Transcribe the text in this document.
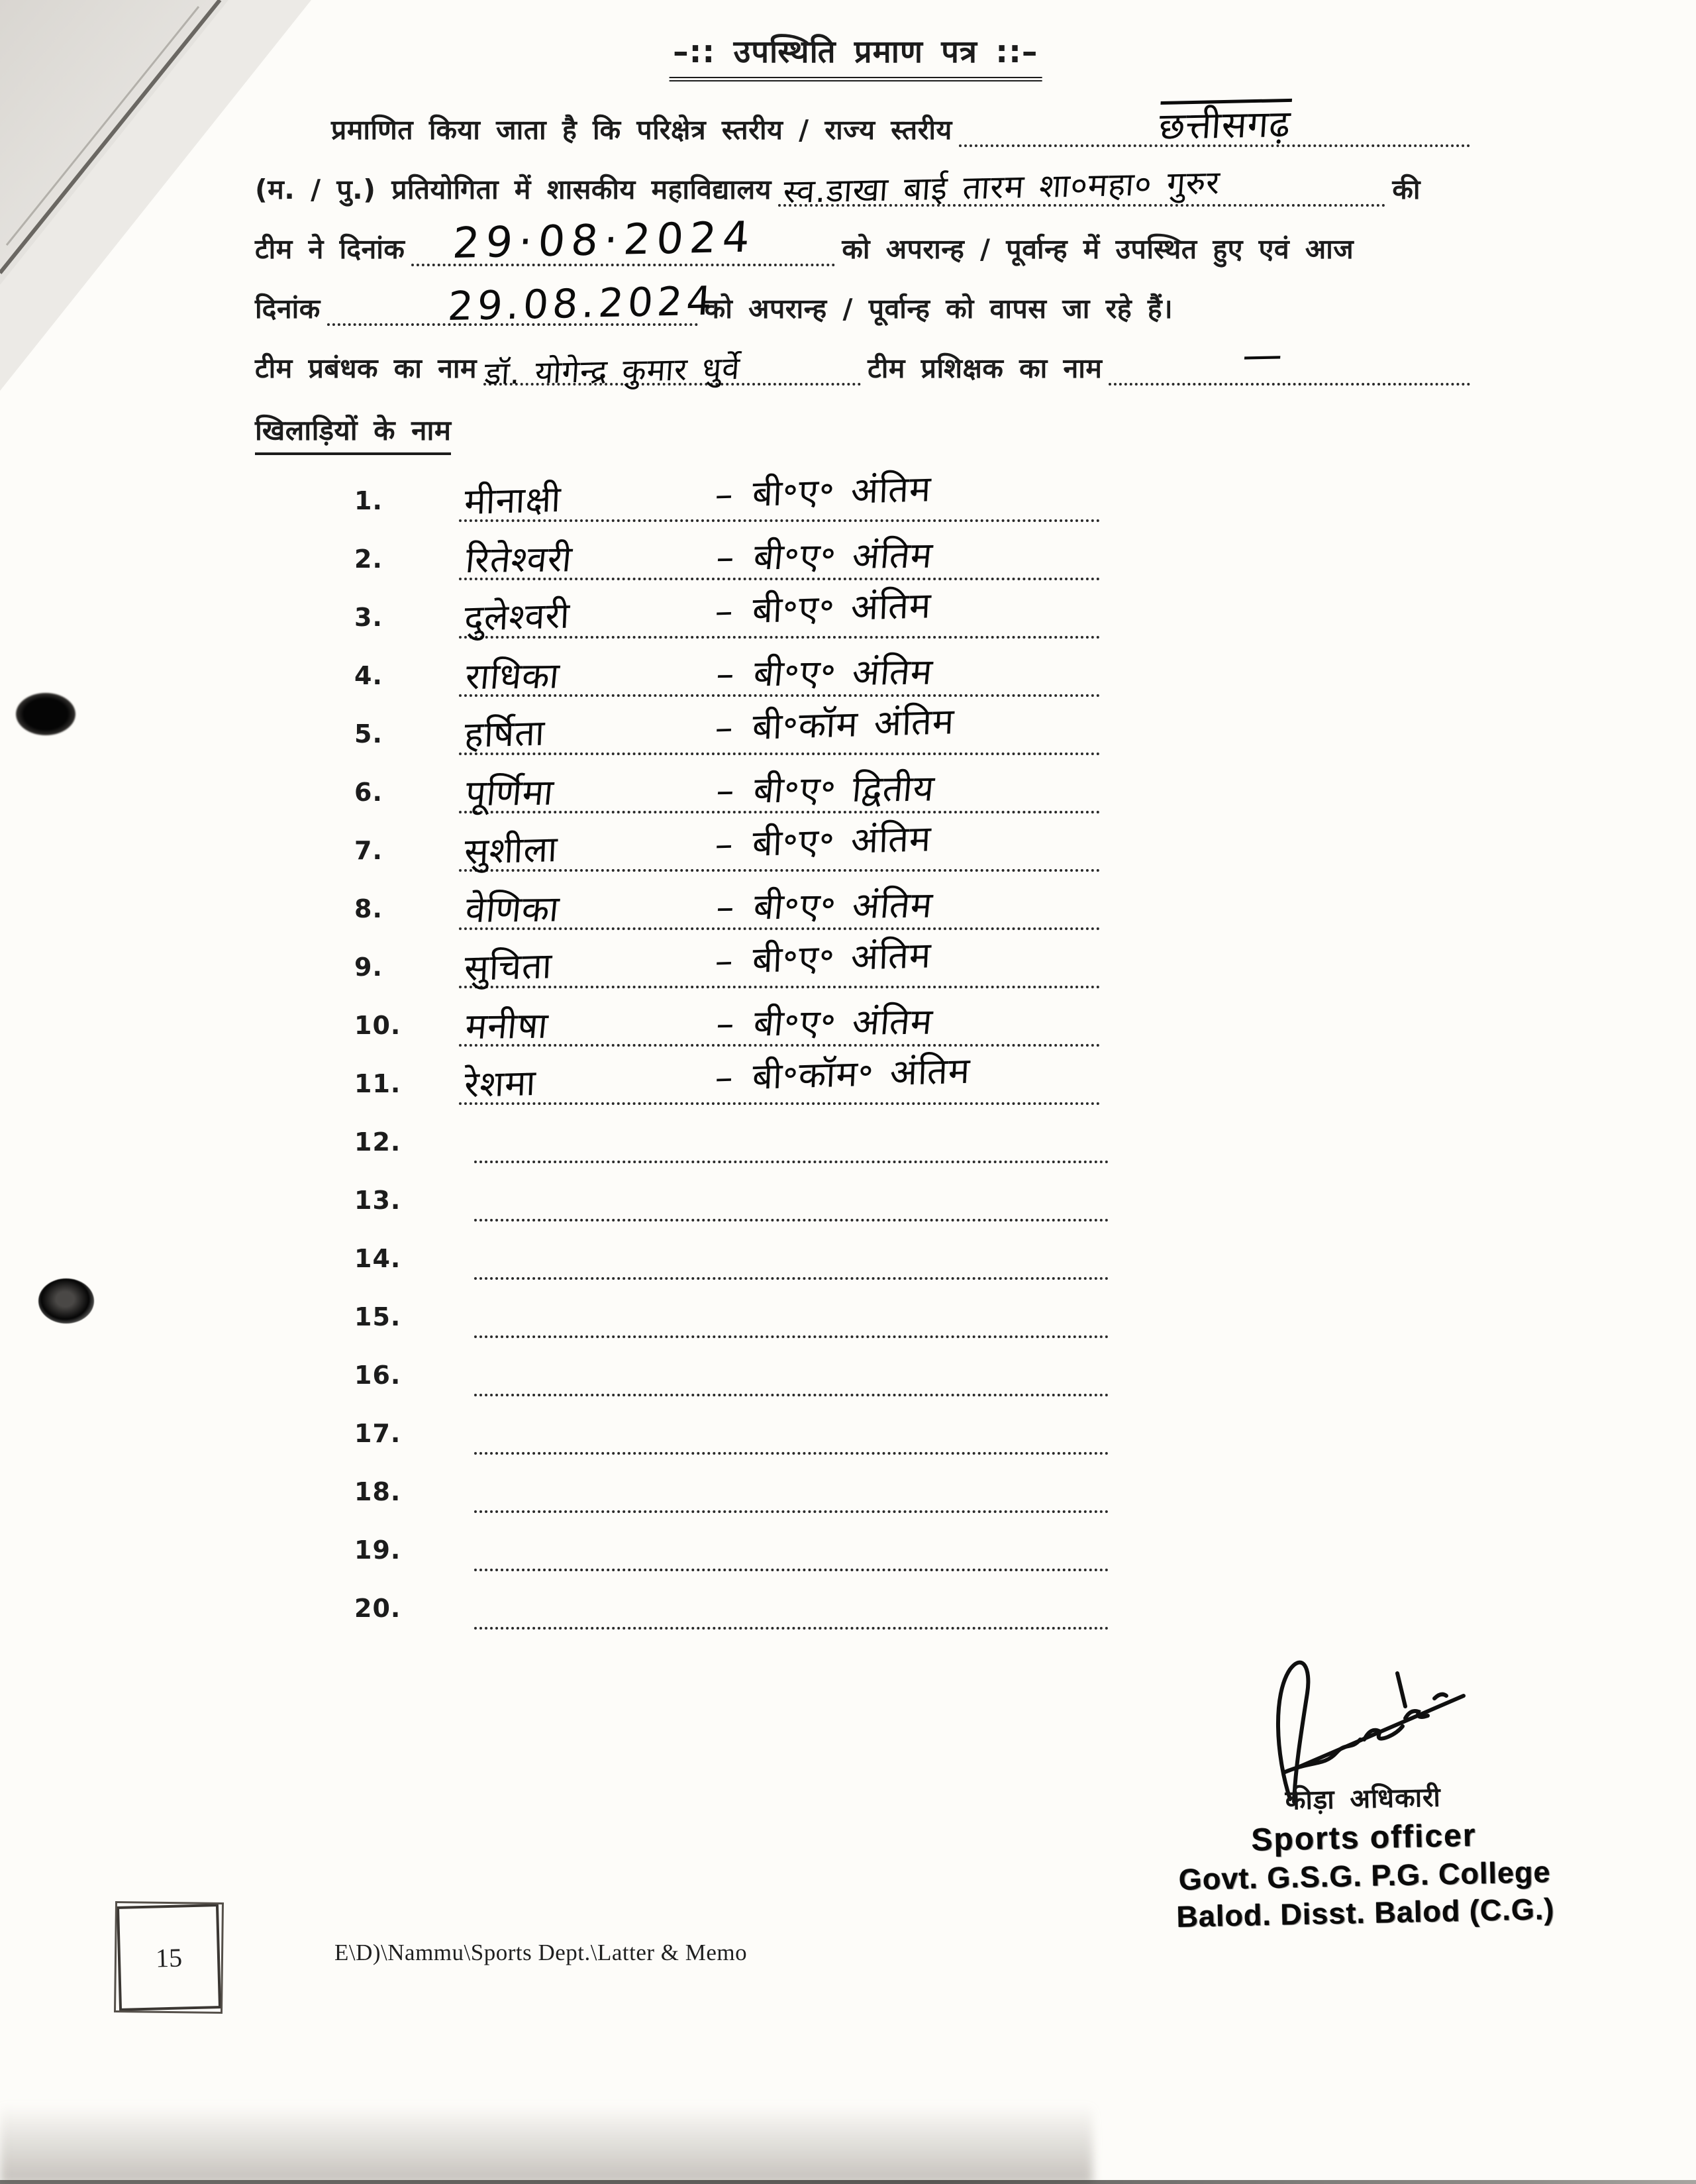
–:: उपस्थिति प्रमाण पत्र ::–
प्रमाणित किया जाता है कि परिक्षेत्र स्तरीय / राज्य स्तरीय	छत्तीसगढ़
(म. / पु.) प्रतियोगिता में शासकीय महाविद्यालय स्व.डाखा बाई तारम शा०महा० गुरुर	की
टीम ने दिनांक 29·08·2024	को अपरान्ह / पूर्वान्ह में उपस्थित हुए एवं आज
दिनांक	29.08.2024
को अपरान्ह / पूर्वान्ह को वापस जा रहे हैं।
टीम प्रबंधक का नाम डॉ. योगेन्द्र कुमार धुर्वे	टीम प्रशिक्षक का नाम	—
खिलाड़ियों के नाम
1. मीनाक्षी	– बी॰ए॰ अंतिम
2. रितेश्वरी	– बी॰ए॰ अंतिम
3. दुलेश्वरी	– बी॰ए॰ अंतिम
4. राधिका	– बी॰ए॰ अंतिम
5. हर्षिता	– बी॰कॉम अंतिम
6. पूर्णिमा	– बी॰ए॰ द्वितीय
7. सुशीला	– बी॰ए॰ अंतिम
8. वेणिका	– बी॰ए॰ अंतिम
9. सुचिता	– बी॰ए॰ अंतिम
10. मनीषा	– बी॰ए॰ अंतिम
11. रेशमा	– बी॰कॉम॰ अंतिम
12.
13.
14.
15.
16.
17.
18.
19.
20.
कीड़ा अधिकारी
Sports officer
Govt. G.S.G. P.G. College
Balod. Disst. Balod (C.G.)
15	E\D)\Nammu\Sports Dept.\Latter & Memo
